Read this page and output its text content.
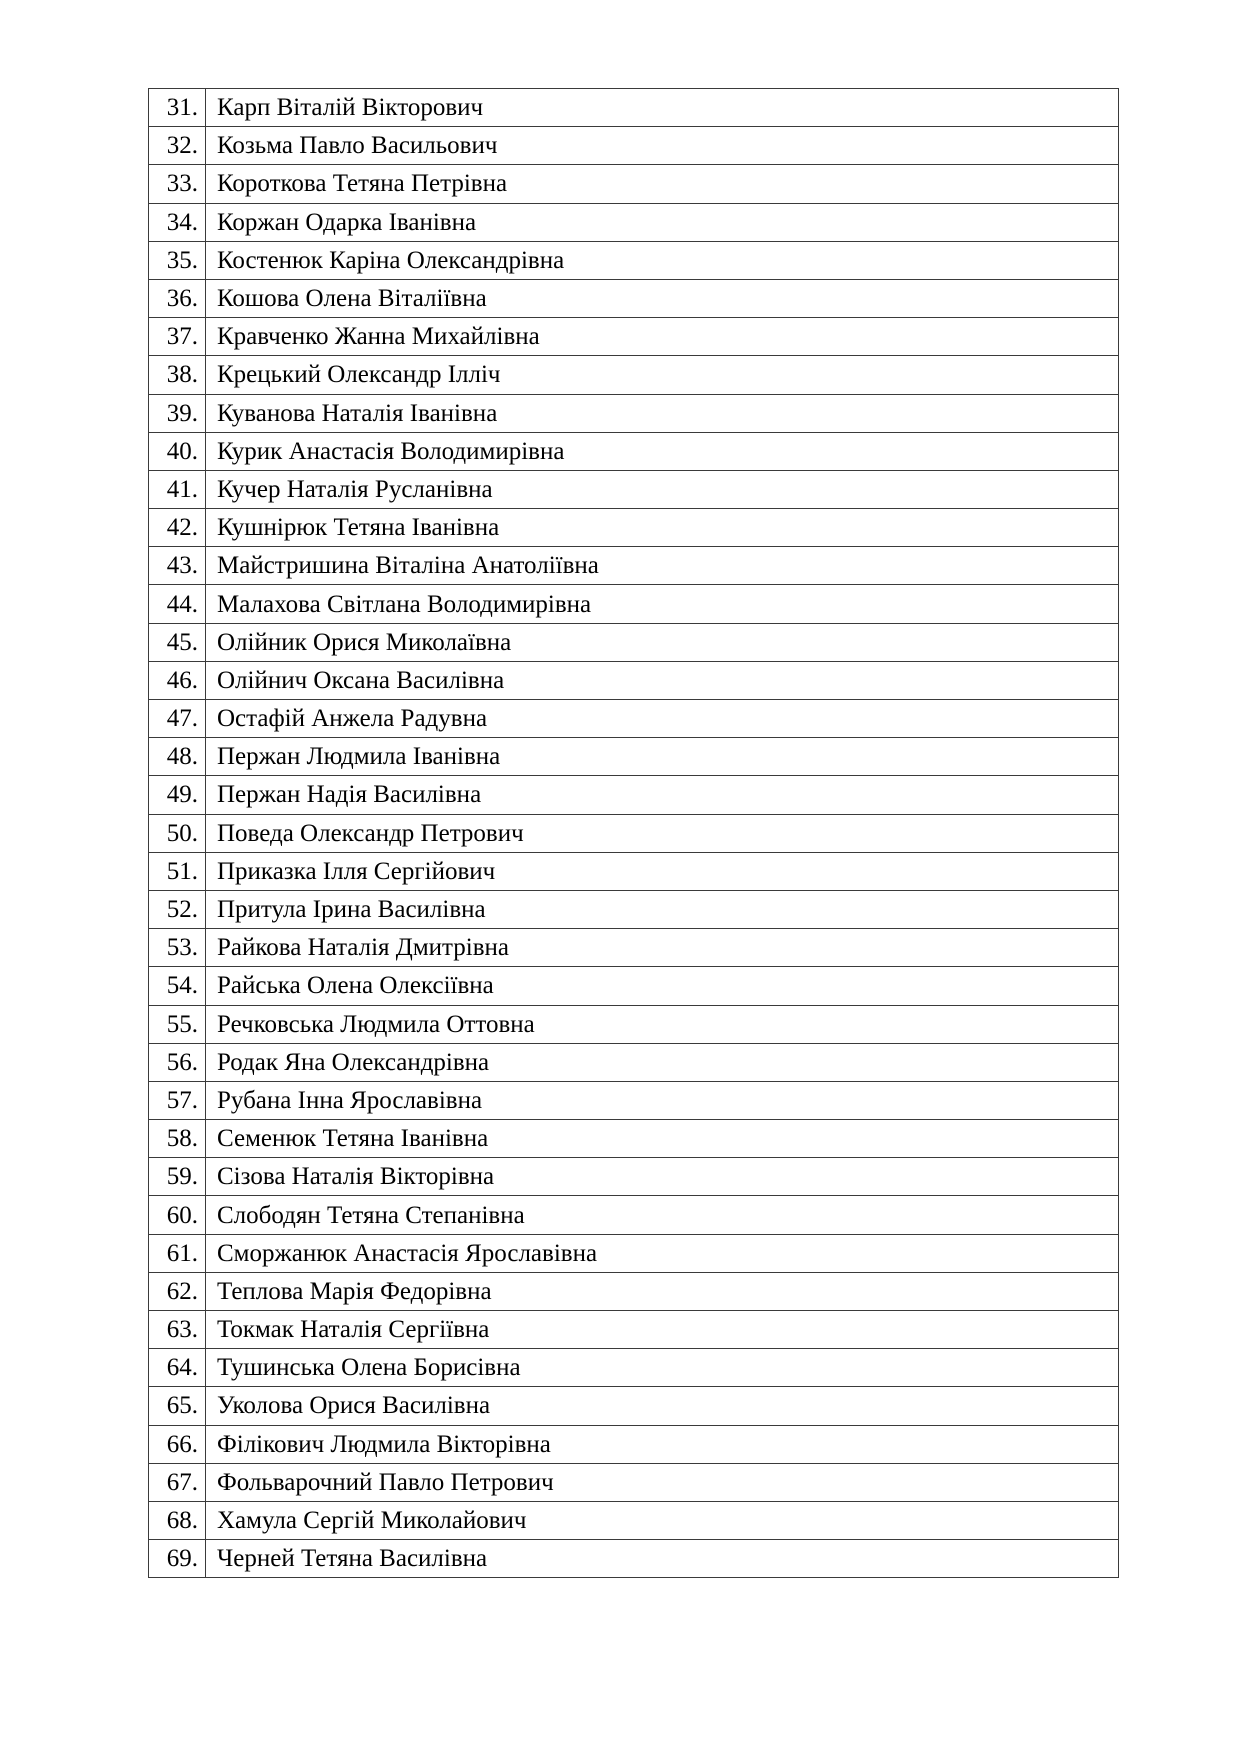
31.	Карп Віталій Вікторович
32.	Козьма Павло Васильович
33.	Короткова Тетяна Петрівна
34.	Коржан Одарка Іванівна
35.	Костенюк Каріна Олександрівна
36.	Кошова Олена Віталіївна
37.	Кравченко Жанна Михайлівна
38.	Крецький Олександр Ілліч
39.	Куванова Наталія Іванівна
40.	Курик Анастасія Володимирівна
41.	Кучер Наталія Русланівна
42.	Кушнірюк Тетяна Іванівна
43.	Майстришина Віталіна Анатоліївна
44.	Малахова Світлана Володимирівна
45.	Олійник Орися Миколаївна
46.	Олійнич Оксана Василівна
47.	Остафій Анжела Радувна
48.	Пержан Людмила Іванівна
49.	Пержан Надія Василівна
50.	Поведа Олександр Петрович
51.	Приказка Ілля Сергійович
52.	Притула Ірина Василівна
53.	Райкова Наталія Дмитрівна
54.	Райська Олена Олексіївна
55.	Речковська Людмила Оттовна
56.	Родак Яна Олександрівна
57.	Рубана Інна Ярославівна
58.	Семенюк Тетяна Іванівна
59.	Сізова Наталія Вікторівна
60.	Слободян Тетяна Степанівна
61.	Сморжанюк Анастасія Ярославівна
62.	Теплова Марія Федорівна
63.	Токмак Наталія Сергіївна
64.	Тушинська Олена Борисівна
65.	Уколова Орися Василівна
66.	Філікович Людмила Вікторівна
67.	Фольварочний Павло Петрович
68.	Хамула Сергій Миколайович
69.	Черней Тетяна Василівна
